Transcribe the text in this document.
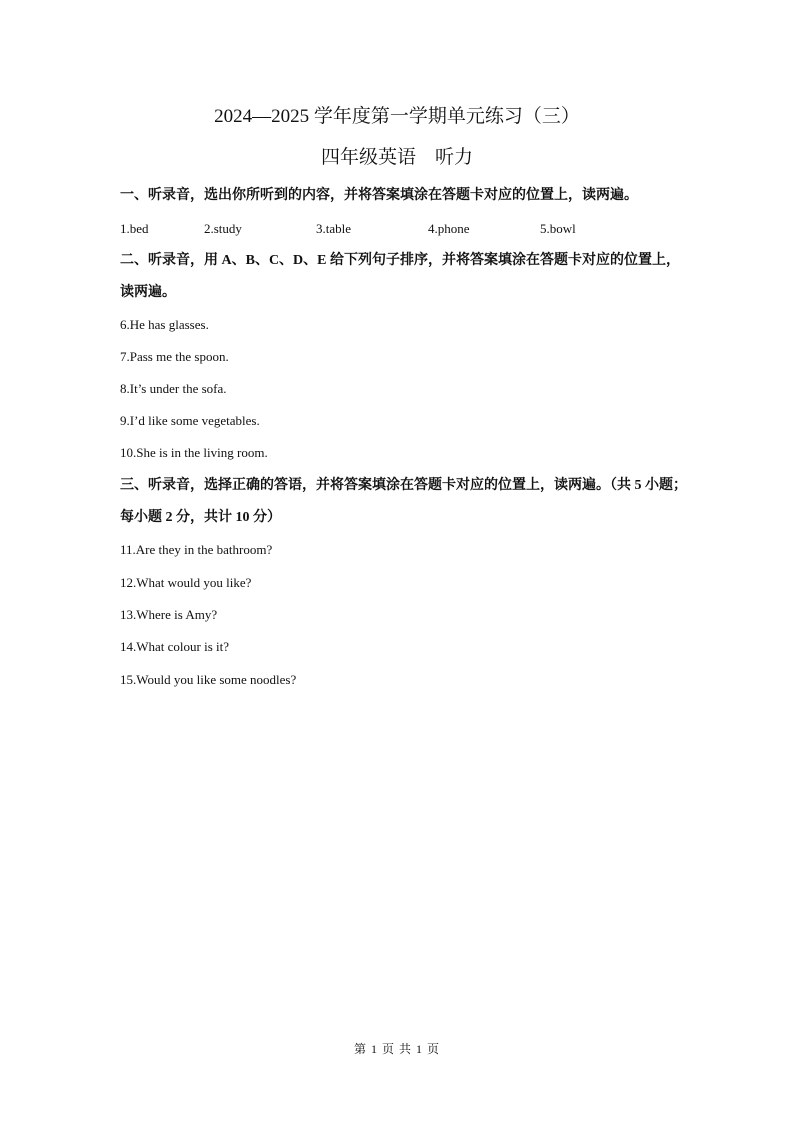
2024—2025 学年度第一学期单元练习（三）
四年级英语　听力
一、听录音，选出你所听到的内容，并将答案填涂在答题卡对应的位置上，读两遍。
1.bed	2.study	3.table	4.phone	5.bowl
二、听录音，用 A、B、C、D、E 给下列句子排序，并将答案填涂在答题卡对应的位置上，
读两遍。
6.He has glasses.
7.Pass me the spoon.
8.It’s under the sofa.
9.I’d like some vegetables.
10.She is in the living room.
三、听录音，选择正确的答语，并将答案填涂在答题卡对应的位置上，读两遍。（共 5 小题；
每小题 2 分，共计 10 分）
11.Are they in the bathroom?
12.What would you like?
13.Where is Amy?
14.What colour is it?
15.Would you like some noodles?
第 1 页 共 1 页
